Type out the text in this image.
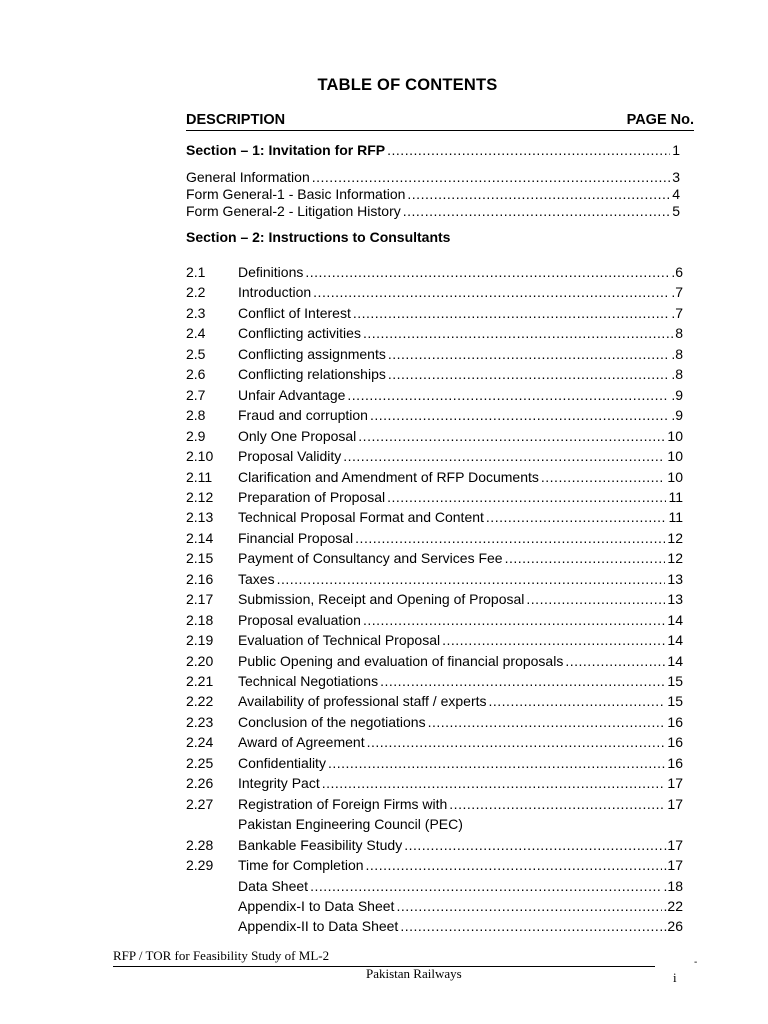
TABLE OF CONTENTS
DESCRIPTION	PAGE No.
Section – 1: Invitation for RFP .....	1
General Information .....	3
Form General-1 - Basic Information .....	4
Form General-2 - Litigation History .....	5
Section – 2: Instructions to Consultants
2.1 Definitions .....	.6
2.2 Introduction .....	.7
2.3 Conflict of Interest .....	.7
2.4 Conflicting activities .....	8
2.5 Conflicting assignments .....	.8
2.6 Conflicting relationships .....	.8
2.7 Unfair Advantage .....	.9
2.8 Fraud and corruption .....	.9
2.9 Only One Proposal .....	10
2.10 Proposal Validity .....	10
2.11 Clarification and Amendment of RFP Documents .....	10
2.12 Preparation of Proposal .....	11
2.13 Technical Proposal Format and Content .....	11
2.14 Financial Proposal .....	12
2.15 Payment of Consultancy and Services Fee .....	12
2.16 Taxes .....	13
2.17 Submission, Receipt and Opening of Proposal .....	13
2.18 Proposal evaluation .....	14
2.19 Evaluation of Technical Proposal .....	14
2.20 Public Opening and evaluation of financial proposals .....	14
2.21 Technical Negotiations .....	15
2.22 Availability of professional staff / experts .....	15
2.23 Conclusion of the negotiations .....	16
2.24 Award of Agreement .....	16
2.25 Confidentiality .....	16
2.26 Integrity Pact .....	17
2.27 Registration of Foreign Firms with .....	17
Pakistan Engineering Council (PEC)
2.28 Bankable Feasibility Study .....	.17
2.29 Time for Completion .....	.17
Data Sheet .....	.18
Appendix-I to Data Sheet .....	.22
Appendix-II to Data Sheet .....	.26
RFP / TOR for Feasibility Study of ML-2
Pakistan Railways	i
-
